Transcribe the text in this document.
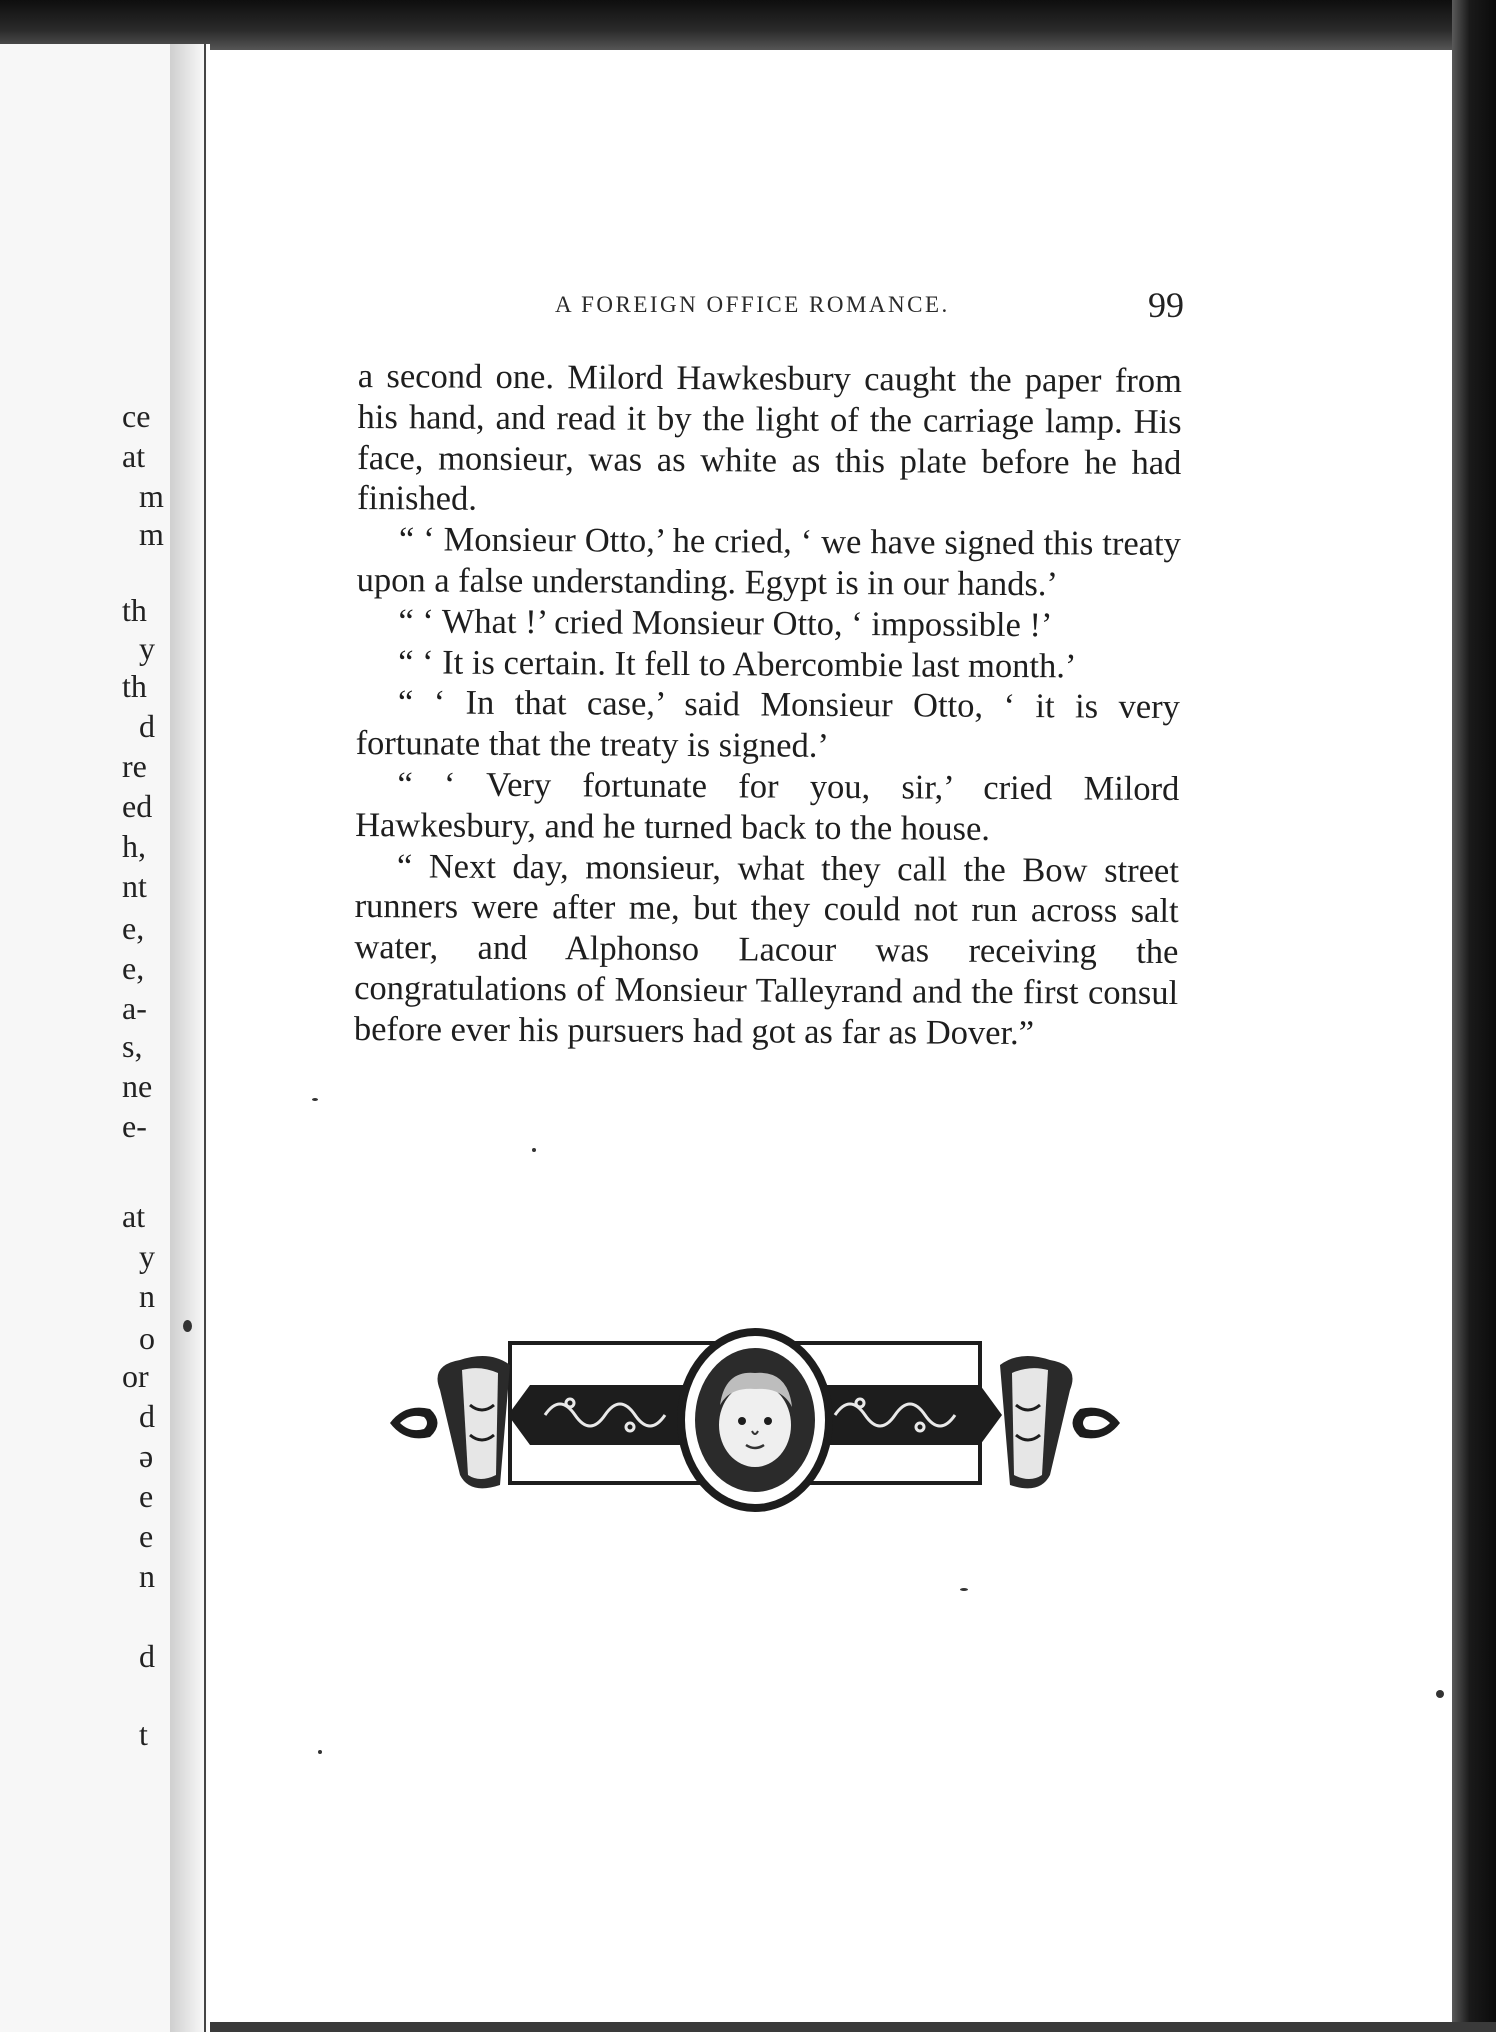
ce
at
m
m
th
y
th
d
re
ed
h,
nt
e,
e,
a-
s,
ne
e-
at
y
n
o
or
d
ə
e
e
n
d
t
A FOREIGN OFFICE ROMANCE.	99

a second one. Milord Hawkesbury caught the paper from his hand, and read it by the light of the carriage lamp. His face, monsieur, was as white as this plate before he had finished.

“ ‘ Monsieur Otto,’ he cried, ‘ we have signed this treaty upon a false understanding. Egypt is in our hands.’

“ ‘ What !’ cried Monsieur Otto, ‘ impossible !’

“ ‘ It is certain. It fell to Abercombie last month.’

“ ‘ In that case,’ said Monsieur Otto, ‘ it is very fortunate that the treaty is signed.’

“ ‘ Very fortunate for you, sir,’ cried Milord Hawkesbury, and he turned back to the house.

“ Next day, monsieur, what they call the Bow street runners were after me, but they could not run across salt water, and Alphonso Lacour was receiving the congratulations of Monsieur Talleyrand and the first consul before ever his pursuers had got as far as Dover.”
